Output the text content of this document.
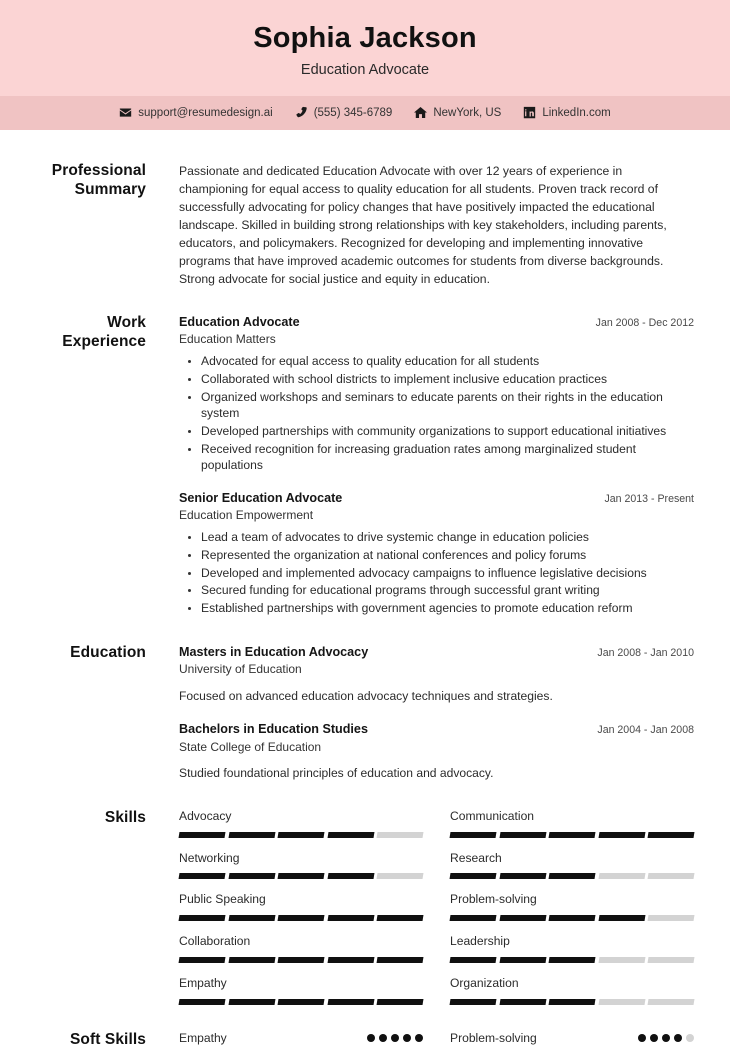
Sophia Jackson
Education Advocate
support@resumedesign.ai	(555) 345-6789	NewYork, US	LinkedIn.com
Professional Summary
Passionate and dedicated Education Advocate with over 12 years of experience in championing for equal access to quality education for all students. Proven track record of successfully advocating for policy changes that have positively impacted the educational landscape. Skilled in building strong relationships with key stakeholders, including parents, educators, and policymakers. Recognized for developing and implementing innovative programs that have improved academic outcomes for students from diverse backgrounds. Strong advocate for social justice and equity in education.
Work Experience
Education Advocate	Jan 2008 - Dec 2012
Education Matters
Advocated for equal access to quality education for all students
Collaborated with school districts to implement inclusive education practices
Organized workshops and seminars to educate parents on their rights in the education system
Developed partnerships with community organizations to support educational initiatives
Received recognition for increasing graduation rates among marginalized student populations
Senior Education Advocate	Jan 2013 - Present
Education Empowerment
Lead a team of advocates to drive systemic change in education policies
Represented the organization at national conferences and policy forums
Developed and implemented advocacy campaigns to influence legislative decisions
Secured funding for educational programs through successful grant writing
Established partnerships with government agencies to promote education reform
Education	Masters in Education Advocacy	Jan 2008 - Jan 2010
University of Education
Focused on advanced education advocacy techniques and strategies.
Bachelors in Education Studies	Jan 2004 - Jan 2008
State College of Education
Studied foundational principles of education and advocacy.
Skills	Advocacy	Communication
Networking	Research
Public Speaking	Problem-solving
Collaboration	Leadership
Empathy	Organization
Soft Skills	Empathy	Problem-solving
